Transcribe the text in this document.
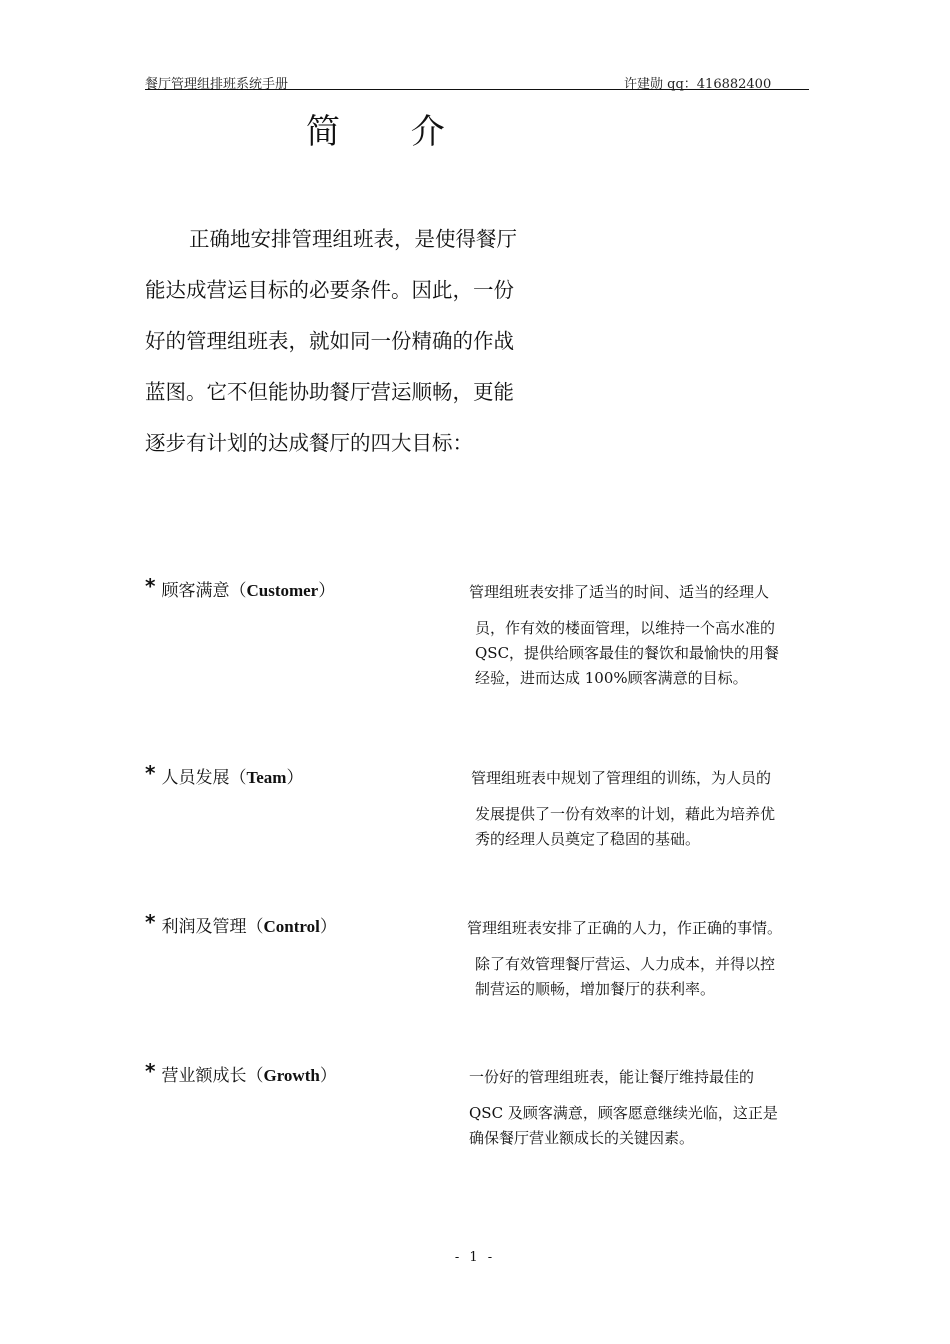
餐厅管理组排班系统手册	许建勋 qq：416882400
简 介

正确地安排管理组班表，是使得餐厅

能达成营运目标的必要条件。因此，一份

好的管理组班表，就如同一份精确的作战

蓝图。它不但能协助餐厅营运顺畅，更能

逐步有计划的达成餐厅的四大目标：

* 顾客满意（Customer）	管理组班表安排了适当的时间、适当的经理人
员，作有效的楼面管理，以维持一个高水准的
QSC，提供给顾客最佳的餐饮和最愉快的用餐
经验，进而达成 100%顾客满意的目标。
* 人员发展（Team）	管理组班表中规划了管理组的训练，为人员的
发展提供了一份有效率的计划，藉此为培养优
秀的经理人员奠定了稳固的基础。
* 利润及管理（Control）	管理组班表安排了正确的人力，作正确的事情。
除了有效管理餐厅营运、人力成本，并得以控
制营运的顺畅，增加餐厅的获利率。
* 营业额成长（Growth）	一份好的管理组班表，能让餐厅维持最佳的
QSC 及顾客满意，顾客愿意继续光临，这正是
确保餐厅营业额成长的关键因素。
- 1 -
